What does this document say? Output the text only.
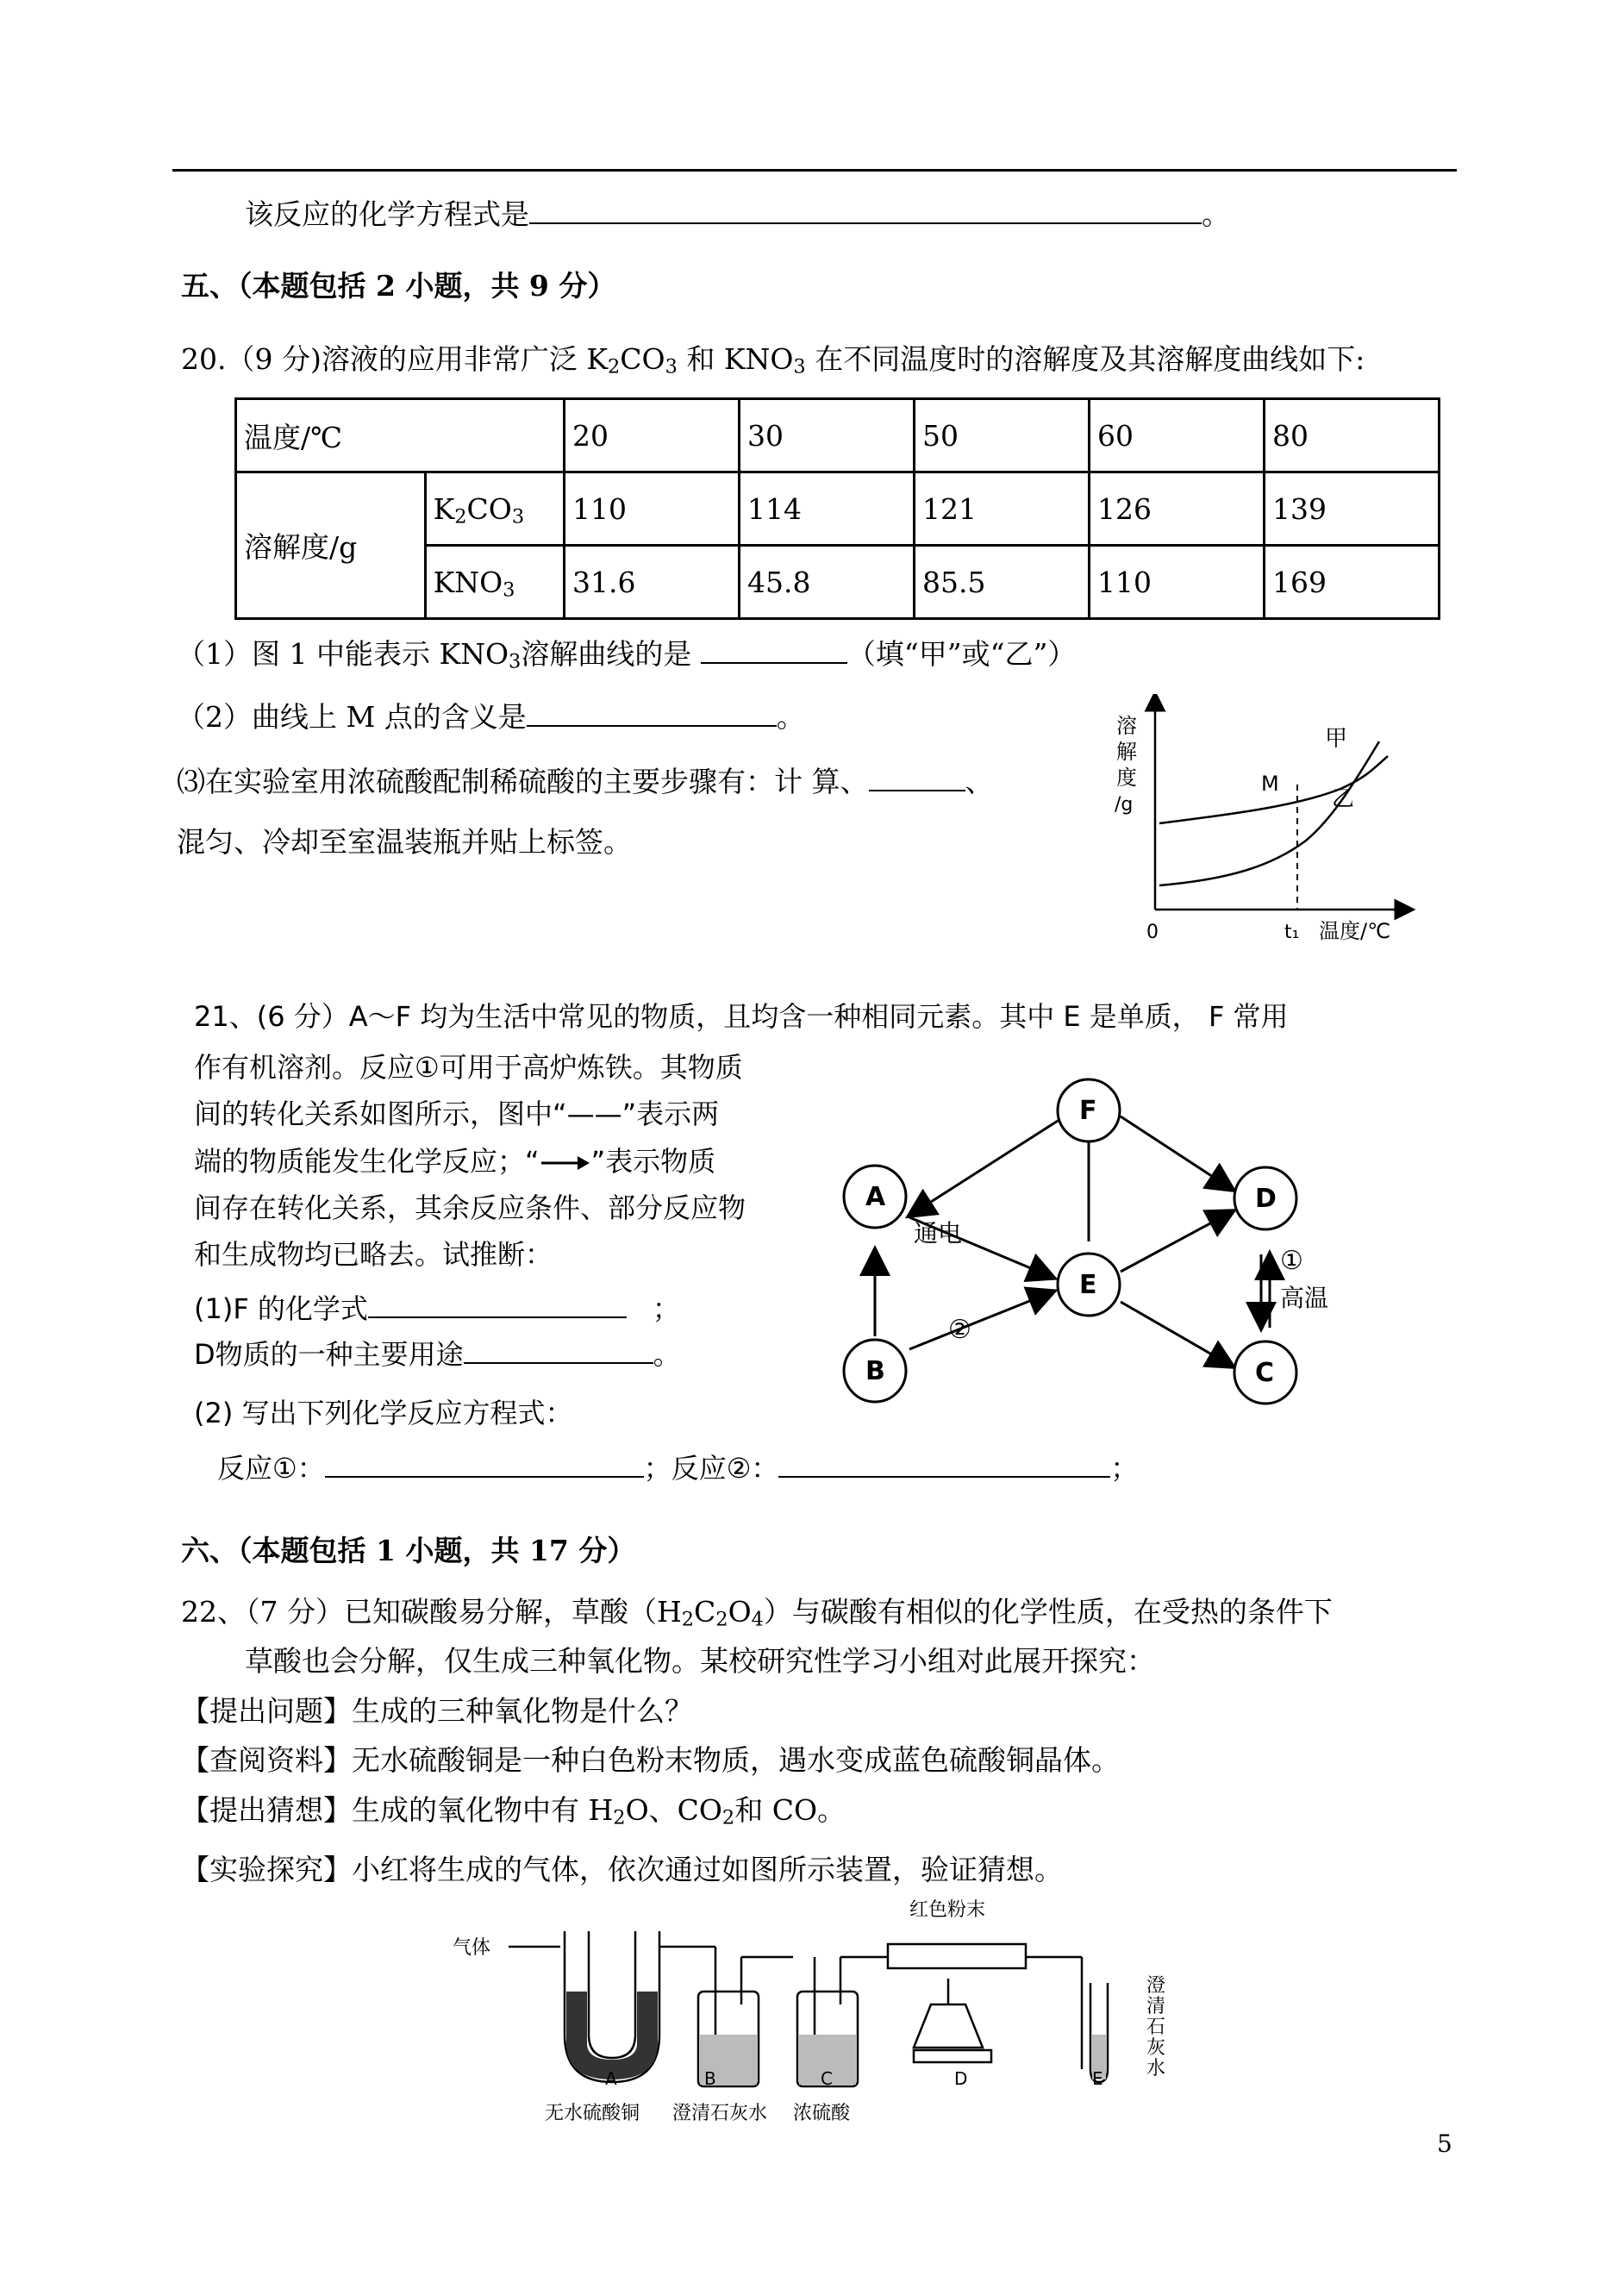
该反应的化学方程式是	。
五、（本题包括 2 小题，共 9 分）
20.（9 分)溶液的应用非常广泛 $K_2CO_3$ 和 $KNO_3$ 在不同温度时的溶解度及其溶解度曲线如下:
温度/℃		20	30	50	60	80
溶解度/g	$K_2CO_3$	110	114	121	126	139
	$KNO_3$	31.6	45.8	85.5	110	169
（1）图 1 中能表示 $KNO_3$溶解曲线的是	（填“甲”或“乙”）
（2）曲线上 M 点的含义是	。
⑶在实验室用浓硫酸配制稀硫酸的主要步骤有：计 算、	、
混匀、冷却至室温装瓶并贴上标签。
溶
解
度
/g
M
甲
乙
0	t₁ 温度/℃
21、(6 分）A～F 均为生活中常见的物质，且均含一种相同元素。其中 E 是单质， F 常用
作有机溶剂。反应①可用于高炉炼铁。其物质
间的转化关系如图所示，图中“——”表示两
端的物质能发生化学反应；“ ”表示物质
间存在转化关系，其余反应条件、部分反应物
和生成物均已略去。试推断：
(1)F 的化学式	；
D物质的一种主要用途	。
(2) 写出下列化学反应方程式：
反应①：	；反应②：	；
F
A
E
B
D
C
通电
②
①
高温
六、（本题包括 1 小题，共 17 分）
22、（7 分）已知碳酸易分解，草酸$(H_2C_2O_4)$与碳酸有相似的化学性质，在受热的条件下
草酸也会分解，仅生成三种氧化物。某校研究性学习小组对此展开探究：
【提出问题】生成的三种氧化物是什么？
【查阅资料】无水硫酸铜是一种白色粉末物质，遇水变成蓝色硫酸铜晶体。
【提出猜想】生成的氧化物中有 $H_2O$、$CO_2$和 CO。
【实验探究】小红将生成的气体，依次通过如图所示装置，验证猜想。
气体
红色粉末
澄
清
石
灰
水
A	B	C	D	E
无水硫酸铜 澄清石灰水 浓硫酸
5
